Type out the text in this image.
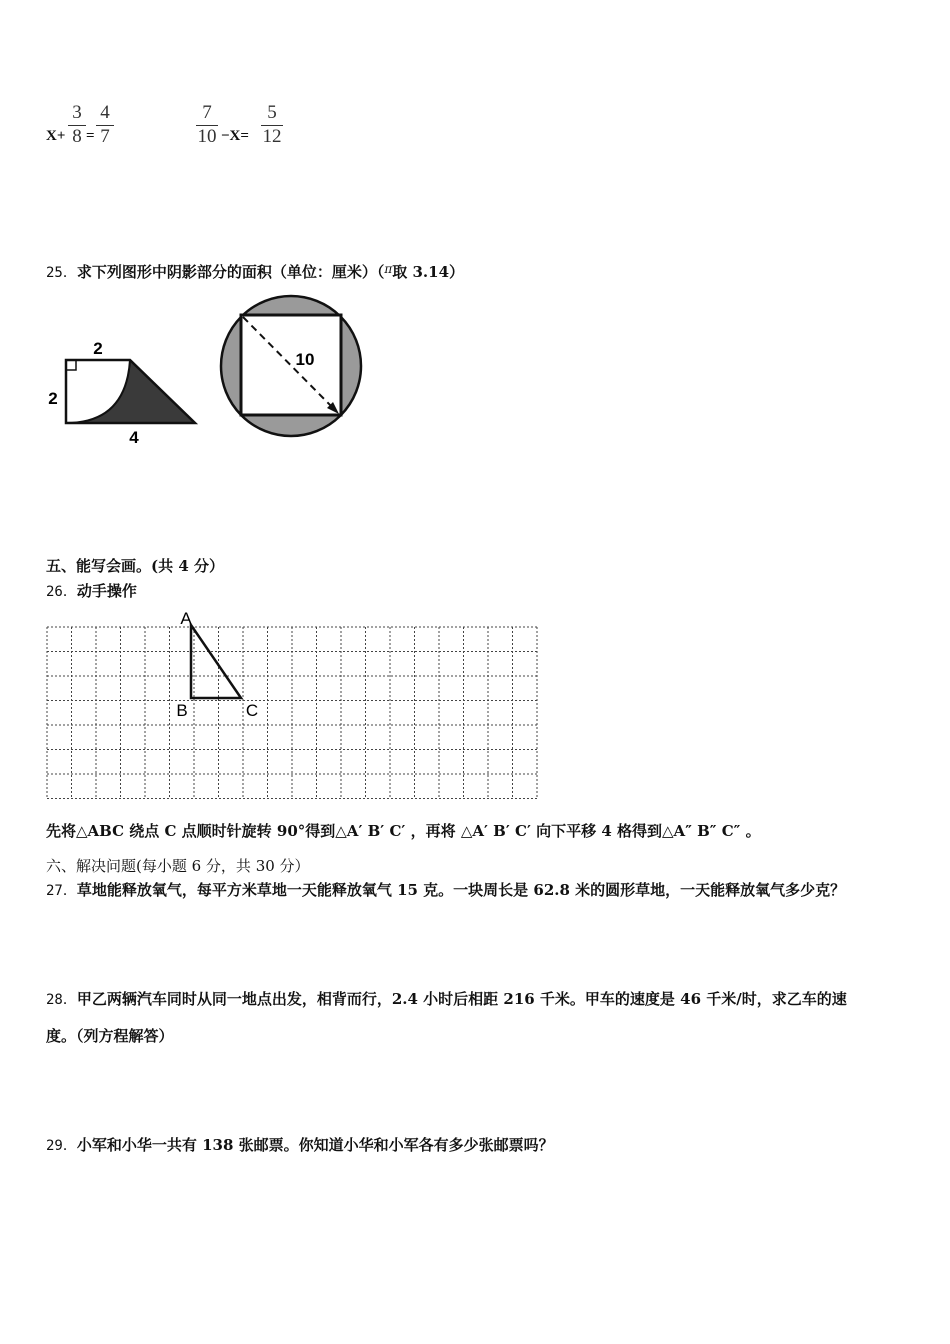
X+
3
8 =
4
7
7
10 −X=
5
12
25．求下列图形中阴影部分的面积（单位：厘米）（$^\pi$取 3.14）
2
2
4
10
五、能写会画。(共 4 分）
26．动手操作
A
B	C
先将△ABC 绕点 C 点顺时针旋转 90°得到△A′ B′ C′ ，再将 △A′ B′ C′ 向下平移 4 格得到△A″ B″ C″ 。
六、解决问题(每小题 6 分，共 30 分）
27．草地能释放氧气，每平方米草地一天能释放氧气 15 克。一块周长是 62.8 米的圆形草地，一天能释放氧气多少克？
28．甲乙两辆汽车同时从同一地点出发，相背而行，2.4 小时后相距 216 千米。甲车的速度是 46 千米/时，求乙车的速
度。（列方程解答）
29．小军和小华一共有 138 张邮票。你知道小华和小军各有多少张邮票吗？
